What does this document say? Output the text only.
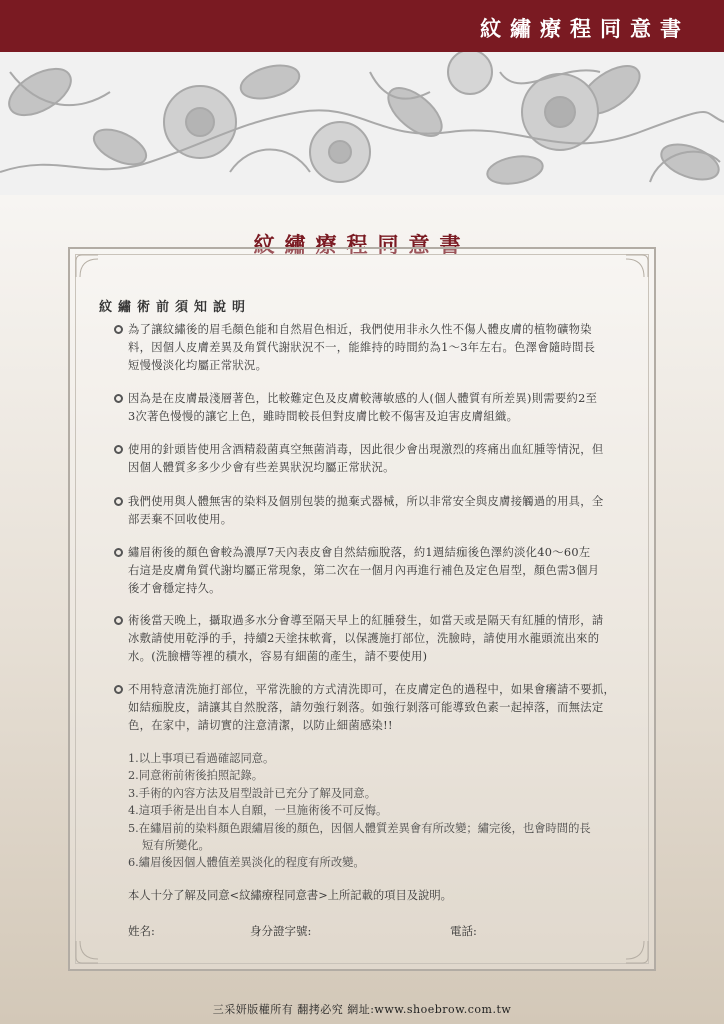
紋繡療程同意書
紋繡療程同意書
紋繡術前須知說明
為了讓紋繡後的眉毛顏色能和自然眉色相近，我們使用非永久性不傷人體皮膚的植物礦物染
料，因個人皮膚差異及角質代謝狀況不一，能維持的時間約為1～3年左右。色澤會隨時間長
短慢慢淡化均屬正常狀況。
因為是在皮膚最淺層著色，比較難定色及皮膚較薄敏感的人(個人體質有所差異)則需要約2至
3次著色慢慢的讓它上色，雖時間較長但對皮膚比較不傷害及迫害皮膚組織。
使用的針頭皆使用含酒精殺菌真空無菌消毒，因此很少會出現激烈的疼痛出血紅腫等情況，但
因個人體質多多少少會有些差異狀況均屬正常狀況。
我們使用與人體無害的染料及個別包裝的拋棄式器械，所以非常安全與皮膚接觸過的用具，全
部丟棄不回收使用。
繡眉術後的顏色會較為濃厚7天內表皮會自然結痂脫落，約1週結痂後色澤約淡化40～60左
右這是皮膚角質代謝均屬正常現象，第二次在一個月內再進行補色及定色眉型，顏色需3個月
後才會穩定持久。
術後當天晚上，攝取過多水分會導至隔天早上的紅腫發生，如當天或是隔天有紅腫的情形，請
冰敷請使用乾淨的手，持續2天塗抹軟膏，以保護施打部位，洗臉時，請使用水龍頭流出來的
水。(洗臉槽等裡的積水，容易有細菌的產生，請不要使用)
不用特意清洗施打部位，平常洗臉的方式清洗即可，在皮膚定色的過程中，如果會癢請不要抓，
如結痂脫皮，請讓其自然脫落，請勿強行剝落。如強行剝落可能導致色素一起掉落，而無法定
色，在家中，請切實的注意清潔，以防止細菌感染!!
1.以上事項已看過確認同意。
2.同意術前術後拍照記錄。
3.手術的內容方法及眉型設計已充分了解及同意。
4.這項手術是出自本人自願，一旦施術後不可反悔。
5.在繡眉前的染料顏色跟繡眉後的顏色，因個人體質差異會有所改變；繡完後，也會時間的長
短有所變化。
6.繡眉後因個人體值差異淡化的程度有所改變。
本人十分了解及同意<紋繡療程同意書>上所記載的項目及說明。
姓名:	身分證字號:	電話:
三采妍版權所有 翻拷必究 網址:www.shoebrow.com.tw
